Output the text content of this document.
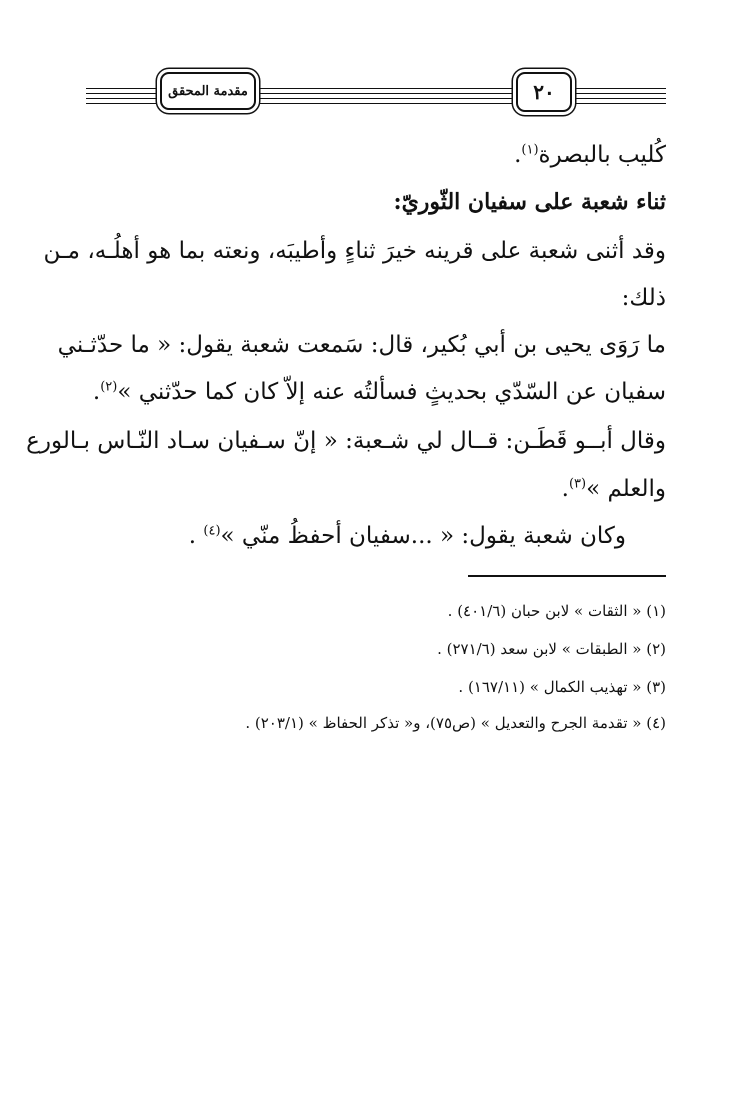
مقدمة المحقق	٢٠
كُليب بالبصرة$^{(١)}$.
ثناء شعبة على سفيان الثّوريّ:
وقد أثنى شعبة على قرينه خيرَ ثناءٍ وأطيبَه، ونعته بما هو أهلُـه، مـن
ذلك:
ما رَوَى يحيى بن أبي بُكير، قال: سَمعت شعبة يقول: « ما حدّثـني
سفيان عن السّدّي بحديثٍ فسألتُه عنه إلاّ كان كما حدّثني »$^{(٢)}$.
وقال أبــو قَطَـن: قــال لي شـعبة: « إنّ سـفيان سـاد النّـاس بـالورع
والعلم »$^{(٣)}$.
وكان شعبة يقول: « ...سفيان أحفظُ منّي »$^{(٤)}$ .
(١) « الثقات » لابن حبان (٤٠١/٦) .
(٢) « الطبقات » لابن سعد (٢٧١/٦) .
(٣) « تهذيب الكمال » (١٦٧/١١) .
(٤) « تقدمة الجرح والتعديل » (ص٧٥)، و« تذكر الحفاظ » (٢٠٣/١) .
